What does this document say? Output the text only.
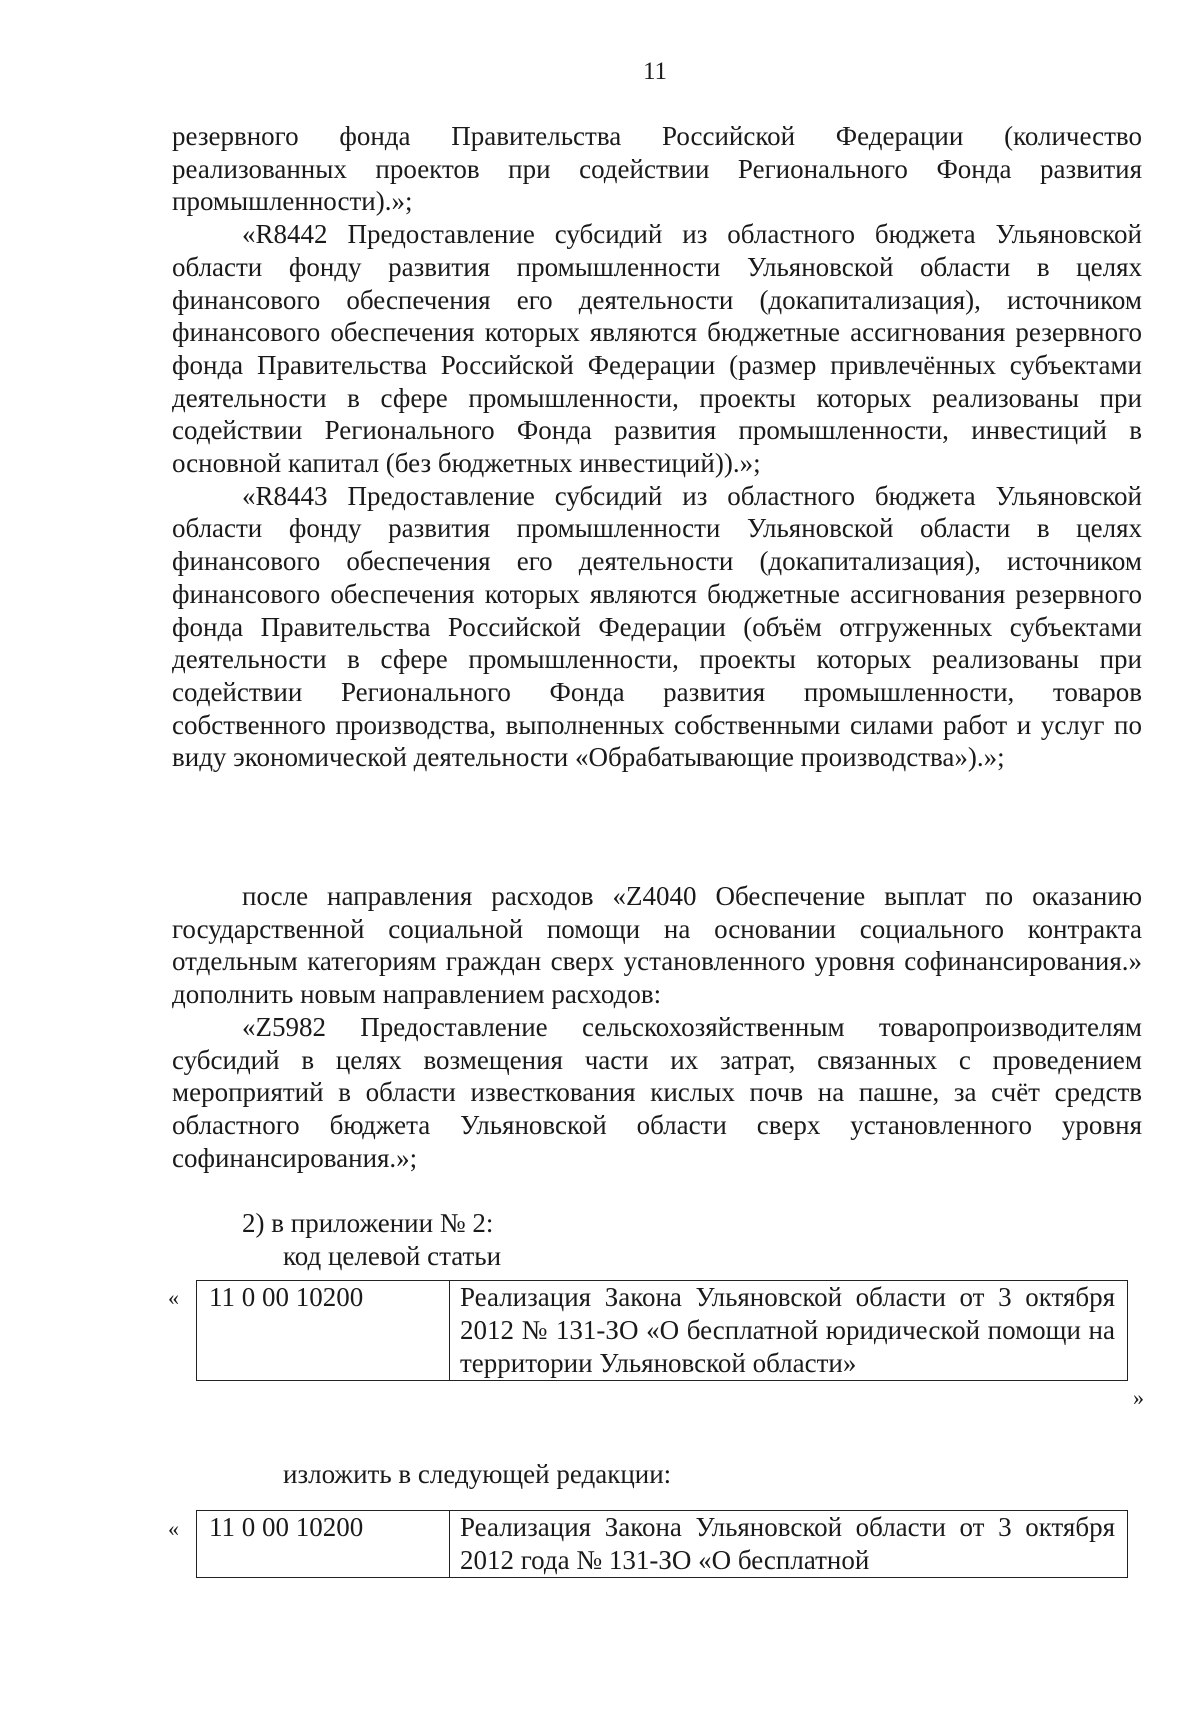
11

резервного фонда Правительства Российской Федерации (количество реализованных проектов при содействии Регионального Фонда развития промышленности).»;

«R8442 Предоставление субсидий из областного бюджета Ульяновской области фонду развития промышленности Ульяновской области в целях финансового обеспечения его деятельности (докапитализация), источником финансового обеспечения которых являются бюджетные ассигнования резервного фонда Правительства Российской Федерации (размер привлечённых субъектами деятельности в сфере промышленности, проекты которых реализованы при содействии Регионального Фонда развития промышленности, инвестиций в основной капитал (без бюджетных инвестиций)).»;

«R8443 Предоставление субсидий из областного бюджета Ульяновской области фонду развития промышленности Ульяновской области в целях финансового обеспечения его деятельности (докапитализация), источником финансового обеспечения которых являются бюджетные ассигнования резервного фонда Правительства Российской Федерации (объём отгруженных субъектами деятельности в сфере промышленности, проекты которых реализованы при содействии Регионального Фонда развития промышленности, товаров собственного производства, выполненных собственными силами работ и услуг по виду экономической деятельности «Обрабатывающие производства»).»;

после направления расходов «Z4040 Обеспечение выплат по оказанию государственной социальной помощи на основании социального контракта отдельным категориям граждан сверх установленного уровня софинансирования.» дополнить новым направлением расходов:

«Z5982 Предоставление сельскохозяйственным товаропроизводителям субсидий в целях возмещения части их затрат, связанных с проведением мероприятий в области известкования кислых почв на пашне, за счёт средств областного бюджета Ульяновской области сверх установленного уровня софинансирования.»;

2) в приложении № 2:
код целевой статьи
« 11 0 00 10200	Реализация Закона Ульяновской области от 3 октября 2012 № 131-ЗО «О бесплатной юридической помощи на территории Ульяновской области»
»
изложить в следующей редакции:
« 11 0 00 10200	Реализация Закона Ульяновской области от 3 октября 2012 года № 131-ЗО «О бесплатной
